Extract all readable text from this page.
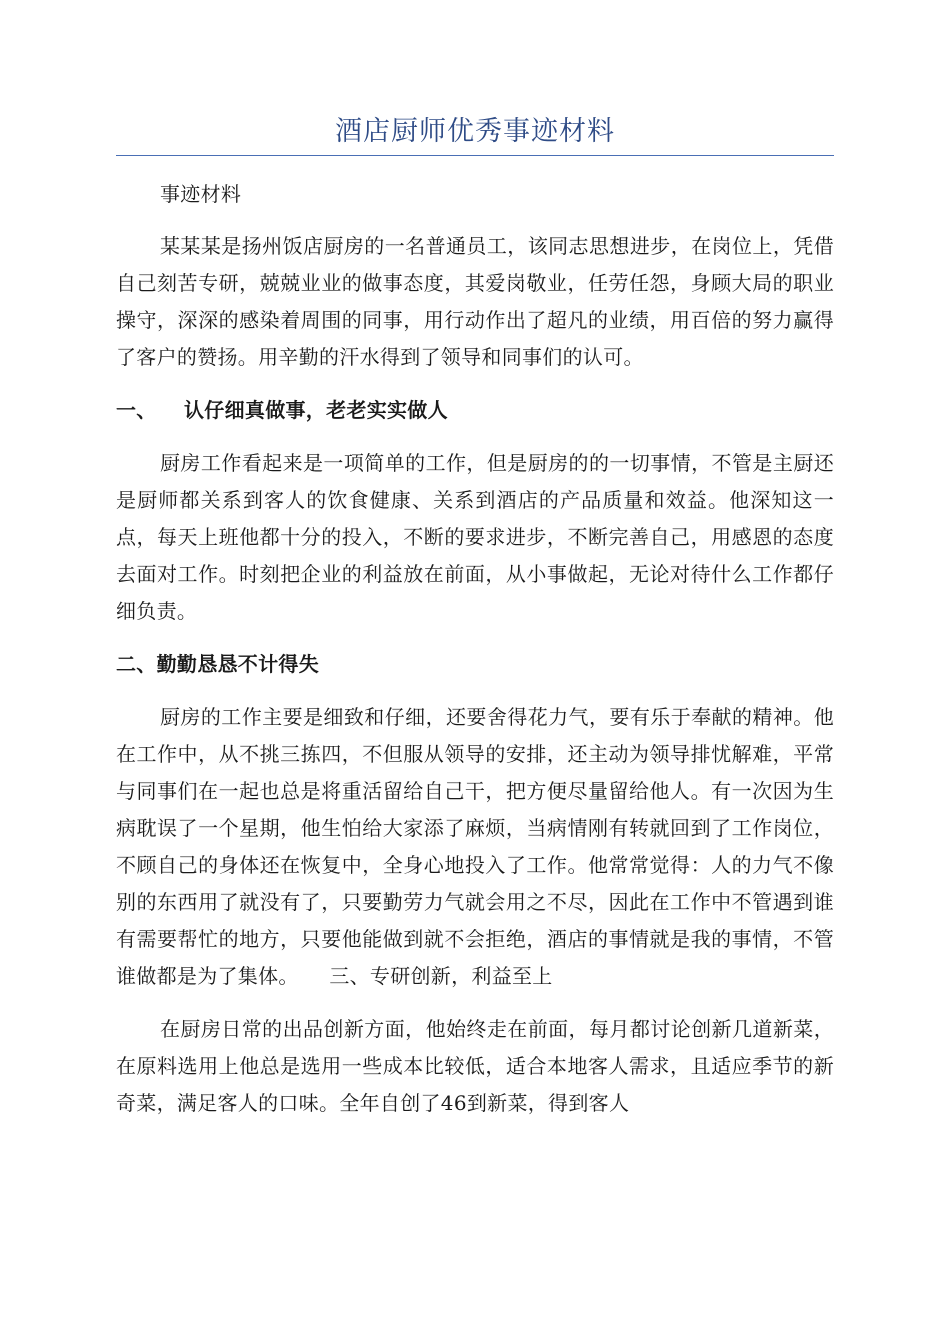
酒店厨师优秀事迹材料

事迹材料

某某某是扬州饭店厨房的一名普通员工，该同志思想进步，在岗位上，凭借自己刻苦专研，兢兢业业的做事态度，其爱岗敬业，任劳任怨，身顾大局的职业操守，深深的感染着周围的同事，用行动作出了超凡的业绩，用百倍的努力赢得了客户的赞扬。用辛勤的汗水得到了领导和同事们的认可。

一、 认仔细真做事，老老实实做人

厨房工作看起来是一项简单的工作，但是厨房的的一切事情，不管是主厨还是厨师都关系到客人的饮食健康、关系到酒店的产品质量和效益。他深知这一点，每天上班他都十分的投入，不断的要求进步，不断完善自己，用感恩的态度去面对工作。时刻把企业的利益放在前面，从小事做起，无论对待什么工作都仔细负责。

二、勤勤恳恳不计得失

厨房的工作主要是细致和仔细，还要舍得花力气，要有乐于奉献的精神。他在工作中，从不挑三拣四，不但服从领导的安排，还主动为领导排忧解难，平常与同事们在一起也总是将重活留给自己干，把方便尽量留给他人。有一次因为生病耽误了一个星期，他生怕给大家添了麻烦，当病情刚有转就回到了工作岗位，不顾自己的身体还在恢复中，全身心地投入了工作。他常常觉得：人的力气不像别的东西用了就没有了，只要勤劳力气就会用之不尽，因此在工作中不管遇到谁有需要帮忙的地方，只要他能做到就不会拒绝，酒店的事情就是我的事情，不管谁做都是为了集体。　　 三、专研创新，利益至上

在厨房日常的出品创新方面，他始终走在前面，每月都讨论创新几道新菜，在原料选用上他总是选用一些成本比较低，适合本地客人需求，且适应季节的新奇菜，满足客人的口味。全年自创了46到新菜，得到客人
